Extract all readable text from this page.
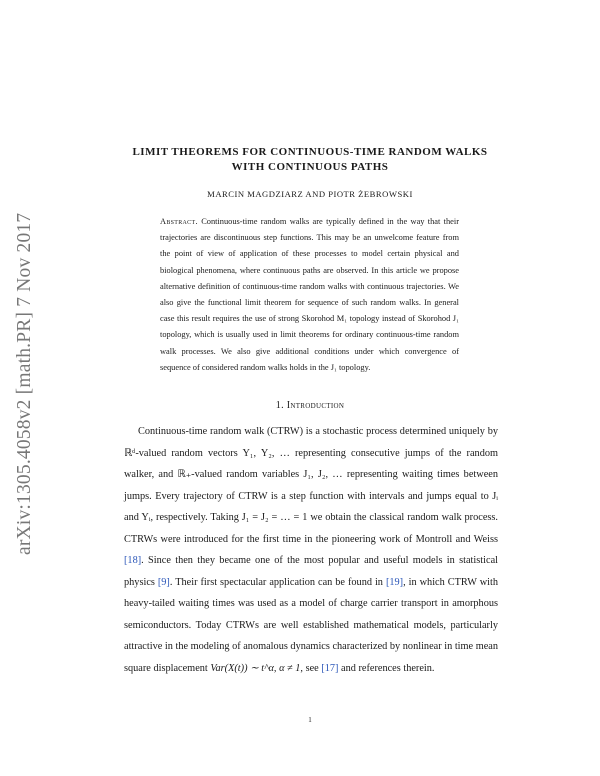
arXiv:1305.4058v2 [math.PR] 7 Nov 2017
LIMIT THEOREMS FOR CONTINUOUS-TIME RANDOM WALKS
WITH CONTINUOUS PATHS
MARCIN MAGDZIARZ AND PIOTR ŻEBROWSKI
Abstract. Continuous-time random walks are typically defined in the way that their trajectories are discontinuous step functions. This may be an unwelcome feature from the point of view of application of these processes to model certain physical and biological phenomena, where continuous paths are observed. In this article we propose alternative definition of continuous-time random walks with continuous trajectories. We also give the functional limit theorem for sequence of such random walks. In general case this result requires the use of strong Skorohod M₁ topology instead of Skorohod J₁ topology, which is usually used in limit theorems for ordinary continuous-time random walk processes. We also give additional conditions under which convergence of sequence of considered random walks holds in the J₁ topology.
1. Introduction
Continuous-time random walk (CTRW) is a stochastic process determined uniquely by ℝᵈ-valued random vectors Y₁, Y₂, … representing consecutive jumps of the random walker, and ℝ₊-valued random variables J₁, J₂, … representing waiting times between jumps. Every trajectory of CTRW is a step function with intervals and jumps equal to Jᵢ and Yᵢ, respectively. Taking J₁ = J₂ = … = 1 we obtain the classical random walk process. CTRWs were introduced for the first time in the pioneering work of Montroll and Weiss [18]. Since then they became one of the most popular and useful models in statistical physics [9]. Their first spectacular application can be found in [19], in which CTRW with heavy-tailed waiting times was used as a model of charge carrier transport in amorphous semiconductors. Today CTRWs are well established mathematical models, particularly attractive in the modeling of anomalous dynamics characterized by nonlinear in time mean square displacement Var(X(t)) ∼ t^α, α ≠ 1, see [17] and references therein.
1
